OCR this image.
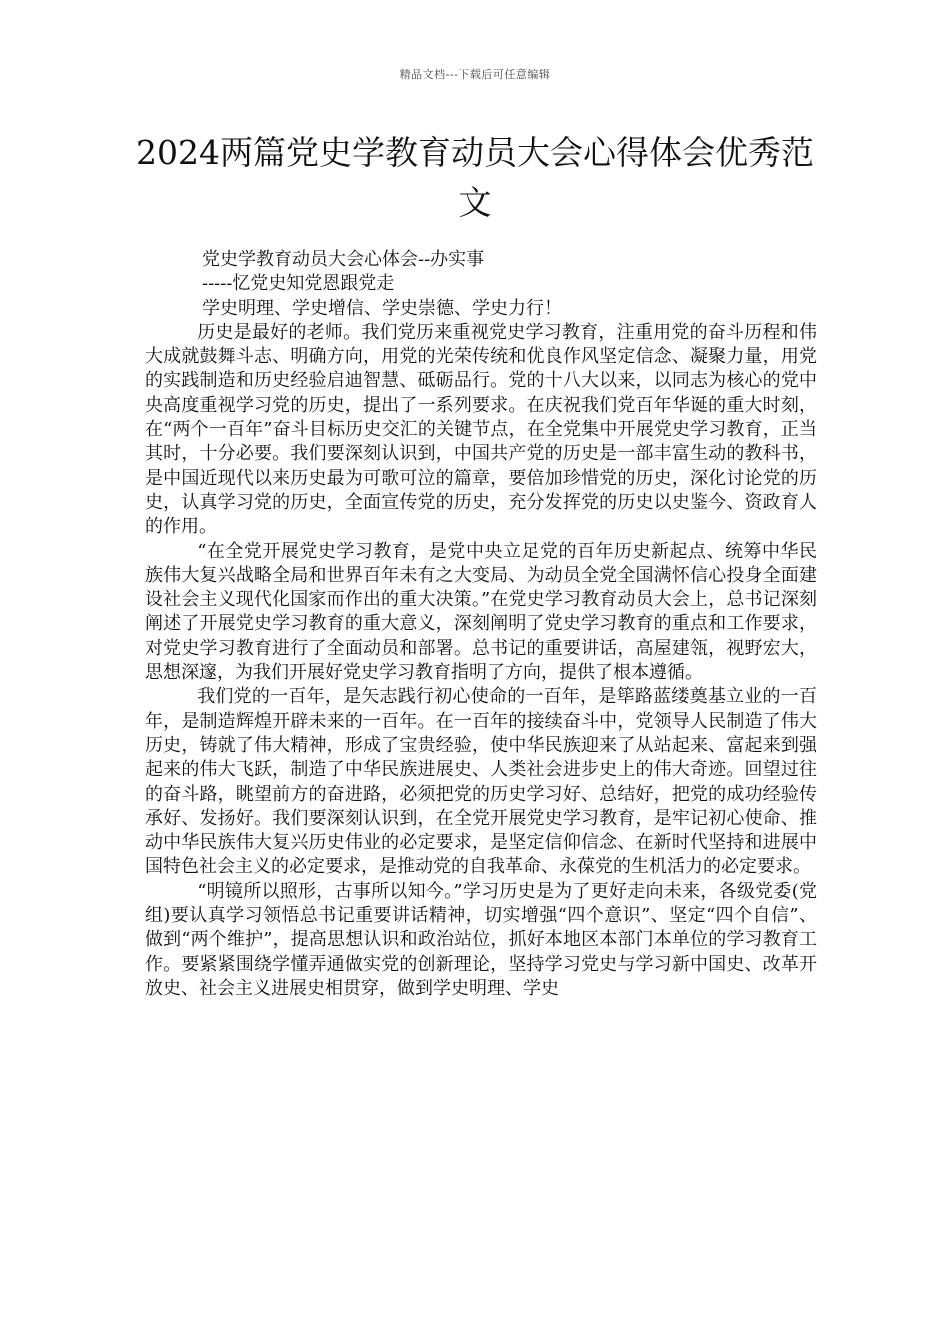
精品文档---下载后可任意编辑
2024两篇党史学教育动员大会心得体会优秀范文

党史学教育动员大会心体会--办实事

-----忆党史知党恩跟党走

学史明理、学史增信、学史崇德、学史力行！

历史是最好的老师。我们党历来重视党史学习教育，注重用党的奋斗历程和伟大成就鼓舞斗志、明确方向，用党的光荣传统和优良作风坚定信念、凝聚力量，用党的实践制造和历史经验启迪智慧、砥砺品行。党的十八大以来，以同志为核心的党中央高度重视学习党的历史，提出了一系列要求。在庆祝我们党百年华诞的重大时刻，在“两个一百年”奋斗目标历史交汇的关键节点，在全党集中开展党史学习教育，正当其时，十分必要。我们要深刻认识到，中国共产党的历史是一部丰富生动的教科书，是中国近现代以来历史最为可歌可泣的篇章，要倍加珍惜党的历史，深化讨论党的历史，认真学习党的历史，全面宣传党的历史，充分发挥党的历史以史鉴今、资政育人的作用。

“在全党开展党史学习教育，是党中央立足党的百年历史新起点、统筹中华民族伟大复兴战略全局和世界百年未有之大变局、为动员全党全国满怀信心投身全面建设社会主义现代化国家而作出的重大决策。”在党史学习教育动员大会上，总书记深刻阐述了开展党史学习教育的重大意义，深刻阐明了党史学习教育的重点和工作要求，对党史学习教育进行了全面动员和部署。总书记的重要讲话，高屋建瓴，视野宏大，思想深邃，为我们开展好党史学习教育指明了方向，提供了根本遵循。

我们党的一百年，是矢志践行初心使命的一百年，是筚路蓝缕奠基立业的一百年，是制造辉煌开辟未来的一百年。在一百年的接续奋斗中，党领导人民制造了伟大历史，铸就了伟大精神，形成了宝贵经验，使中华民族迎来了从站起来、富起来到强起来的伟大飞跃，制造了中华民族进展史、人类社会进步史上的伟大奇迹。回望过往的奋斗路，眺望前方的奋进路，必须把党的历史学习好、总结好，把党的成功经验传承好、发扬好。我们要深刻认识到，在全党开展党史学习教育，是牢记初心使命、推动中华民族伟大复兴历史伟业的必定要求，是坚定信仰信念、在新时代坚持和进展中国特色社会主义的必定要求，是推动党的自我革命、永葆党的生机活力的必定要求。

“明镜所以照形，古事所以知今。”学习历史是为了更好走向未来，各级党委(党组)要认真学习领悟总书记重要讲话精神，切实增强“四个意识”、坚定“四个自信”、做到“两个维护”，提高思想认识和政治站位，抓好本地区本部门本单位的学习教育工作。要紧紧围绕学懂弄通做实党的创新理论，坚持学习党史与学习新中国史、改革开放史、社会主义进展史相贯穿，做到学史明理、学史
